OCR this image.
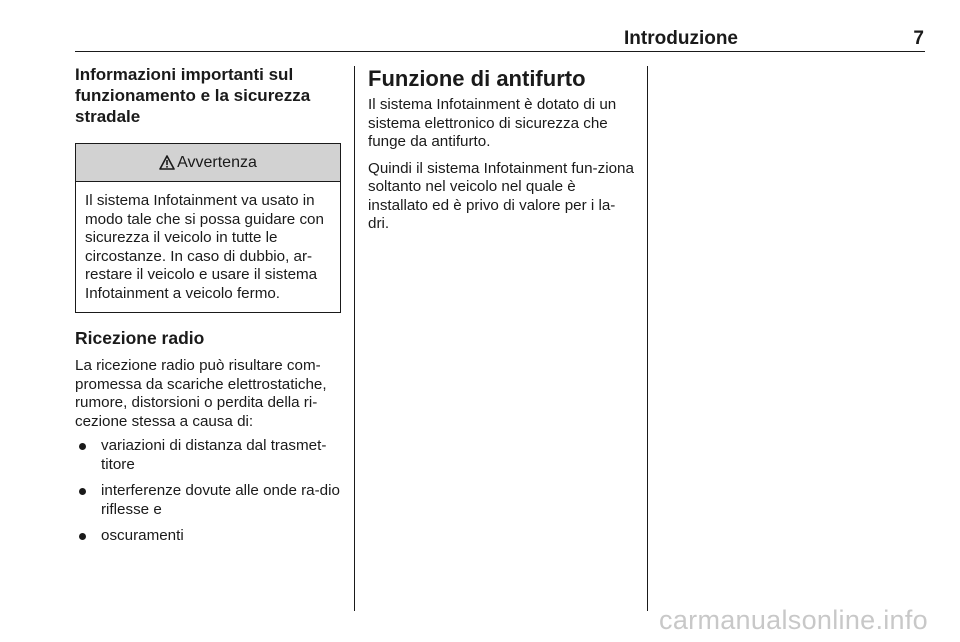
Introduzione	7
Informazioni importanti sul funzionamento e la sicurezza stradale
Avvertenza

Il sistema Infotainment va usato in modo tale che si possa guidare con sicurezza il veicolo in tutte le circostanze. In caso di dubbio, ar-restare il veicolo e usare il sistema Infotainment a veicolo fermo.

Ricezione radio

La ricezione radio può risultare com-promessa da scariche elettrostatiche, rumore, distorsioni o perdita della ri-cezione stessa a causa di:

variazioni di distanza dal trasmet-titore
interferenze dovute alle onde ra-dio riflesse e
oscuramenti
Funzione di antifurto

Il sistema Infotainment è dotato di un sistema elettronico di sicurezza che funge da antifurto.

Quindi il sistema Infotainment fun-ziona soltanto nel veicolo nel quale è installato ed è privo di valore per i la-dri.

carmanualsonline.info
